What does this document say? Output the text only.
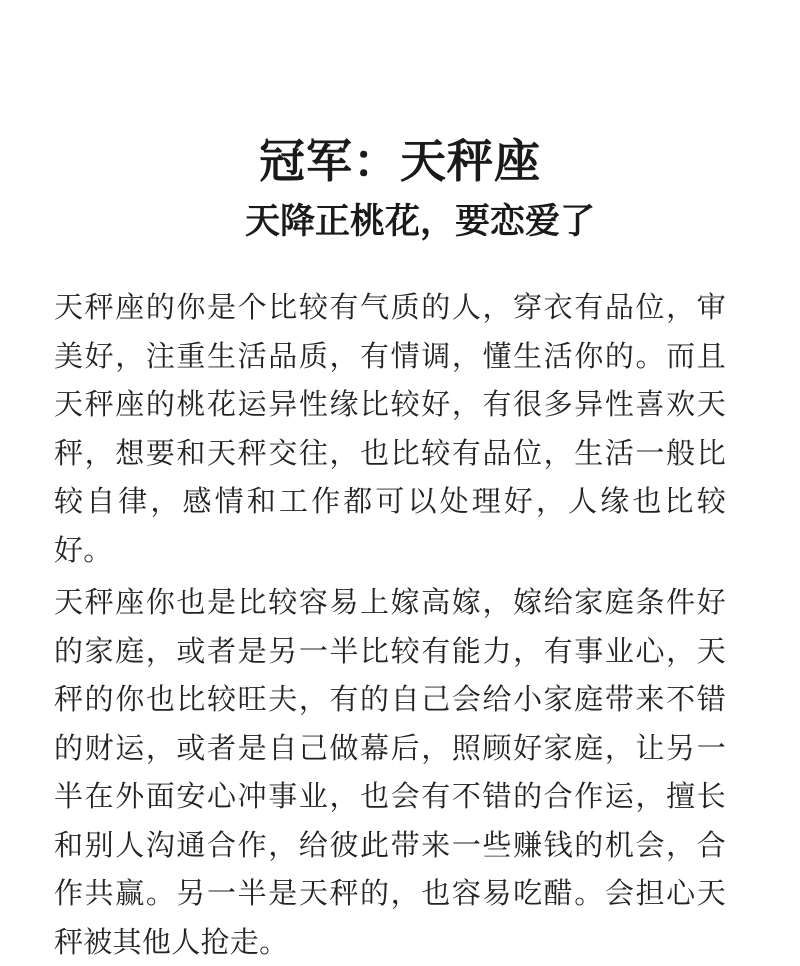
冠军：天秤座
天降正桃花，要恋爱了

天秤座的你是个比较有气质的人，穿衣有品位，审美好，注重生活品质，有情调，懂生活你的。而且天秤座的桃花运异性缘比较好，有很多异性喜欢天秤，想要和天秤交往，也比较有品位，生活一般比较自律，感情和工作都可以处理好，人缘也比较好。

天秤座你也是比较容易上嫁高嫁，嫁给家庭条件好的家庭，或者是另一半比较有能力，有事业心，天秤的你也比较旺夫，有的自己会给小家庭带来不错的财运，或者是自己做幕后，照顾好家庭，让另一半在外面安心冲事业，也会有不错的合作运，擅长和别人沟通合作，给彼此带来一些赚钱的机会，合作共赢。另一半是天秤的，也容易吃醋。会担心天秤被其他人抢走。
